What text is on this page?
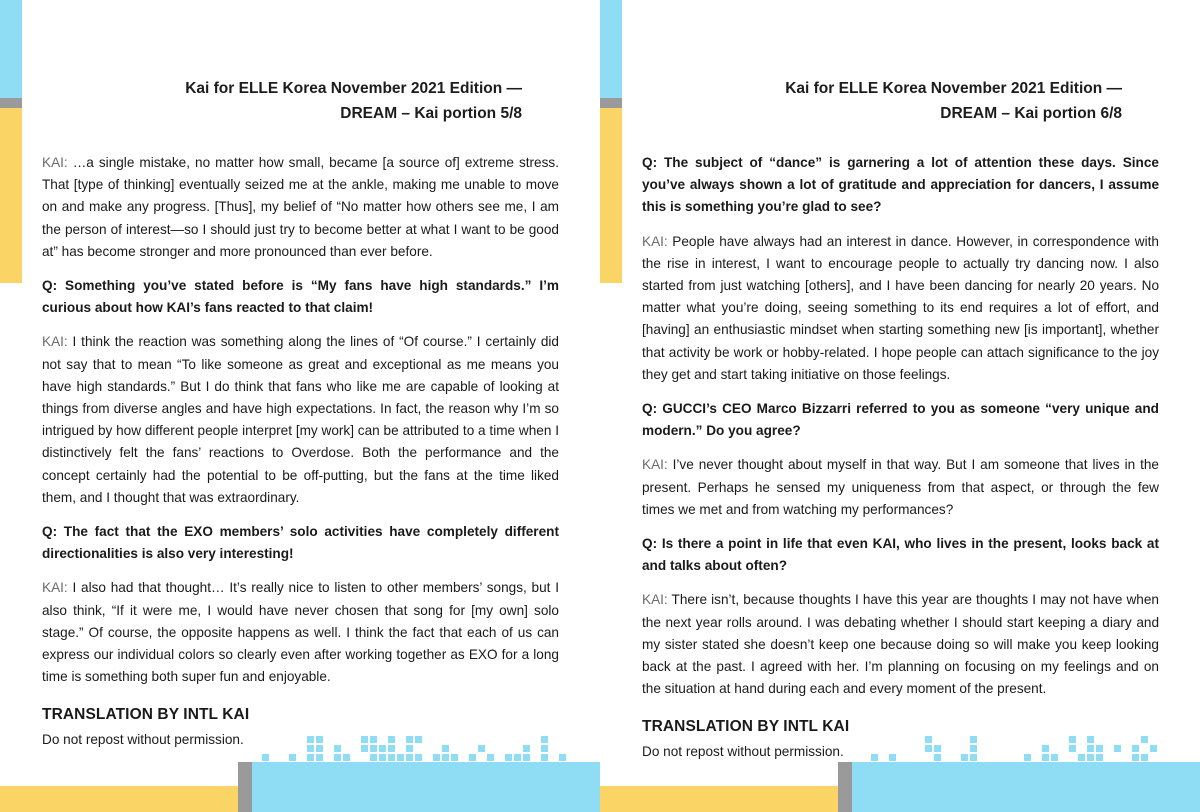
Kai for ELLE Korea November 2021 Edition —
DREAM – Kai portion 5/8

KAI: …a single mistake, no matter how small, became [a source of] extreme stress. That [type of thinking] eventually seized me at the ankle, making me unable to move on and make any progress. [Thus], my belief of “No matter how others see me, I am the person of interest—so I should just try to become better at what I want to be good at” has become stronger and more pronounced than ever before.

Q: Something you’ve stated before is “My fans have high standards.” I’m curious about how KAI’s fans reacted to that claim!

KAI: I think the reaction was something along the lines of “Of course.” I certainly did not say that to mean “To like someone as great and exceptional as me means you have high standards.” But I do think that fans who like me are capable of looking at things from diverse angles and have high expectations. In fact, the reason why I’m so intrigued by how different people interpret [my work] can be attributed to a time when I distinctively felt the fans’ reactions to Overdose. Both the performance and the concept certainly had the potential to be off-putting, but the fans at the time liked them, and I thought that was extraordinary.

Q: The fact that the EXO members’ solo activities have completely different directionalities is also very interesting!

KAI: I also had that thought… It’s really nice to listen to other members’ songs, but I also think, “If it were me, I would have never chosen that song for [my own] solo stage.” Of course, the opposite happens as well. I think the fact that each of us can express our individual colors so clearly even after working together as EXO for a long time is something both super fun and enjoyable.

TRANSLATION BY INTL KAI

Do not repost without permission.

Kai for ELLE Korea November 2021 Edition —
DREAM – Kai portion 6/8

Q: The subject of “dance” is garnering a lot of attention these days. Since you’ve always shown a lot of gratitude and appreciation for dancers, I assume this is something you’re glad to see?

KAI: People have always had an interest in dance. However, in correspondence with the rise in interest, I want to encourage people to actually try dancing now. I also started from just watching [others], and I have been dancing for nearly 20 years. No matter what you’re doing, seeing something to its end requires a lot of effort, and [having] an enthusiastic mindset when starting something new [is important], whether that activity be work or hobby-related. I hope people can attach significance to the joy they get and start taking initiative on those feelings.

Q: GUCCI’s CEO Marco Bizzarri referred to you as someone “very unique and modern.” Do you agree?

KAI: I’ve never thought about myself in that way. But I am someone that lives in the present. Perhaps he sensed my uniqueness from that aspect, or through the few times we met and from watching my performances?

Q: Is there a point in life that even KAI, who lives in the present, looks back at and talks about often?

KAI: There isn’t, because thoughts I have this year are thoughts I may not have when the next year rolls around. I was debating whether I should start keeping a diary and my sister stated she doesn’t keep one because doing so will make you keep looking back at the past. I agreed with her. I’m planning on focusing on my feelings and on the situation at hand during each and every moment of the present.

TRANSLATION BY INTL KAI

Do not repost without permission.
